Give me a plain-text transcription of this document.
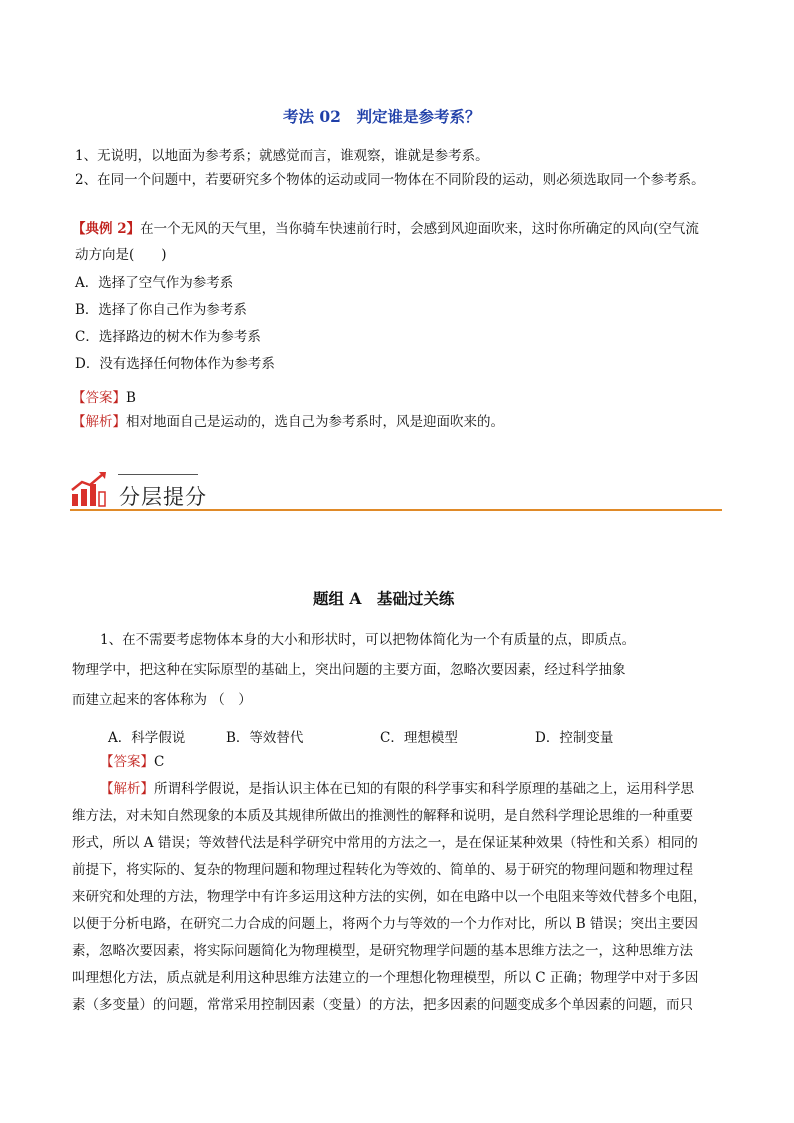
考法 02　判定谁是参考系？
1、无说明，以地面为参考系；就感觉而言，谁观察，谁就是参考系。
2、在同一个问题中，若要研究多个物体的运动或同一物体在不同阶段的运动，则必须选取同一个参考系。
【典例 2】在一个无风的天气里，当你骑车快速前行时，会感到风迎面吹来，这时你所确定的风向(空气流
动方向是(　　)
A．选择了空气作为参考系
B．选择了你自己作为参考系
C．选择路边的树木作为参考系
D．没有选择任何物体作为参考系
【答案】B
【解析】相对地面自己是运动的，选自己为参考系时，风是迎面吹来的。
分层提分
题组 A　基础过关练
1、在不需要考虑物体本身的大小和形状时，可以把物体简化为一个有质量的点，即质点。
物理学中，把这种在实际原型的基础上，突出问题的主要方面，忽略次要因素，经过科学抽象
而建立起来的客体称为 （　）
A．科学假说	B．等效替代	C．理想模型	D．控制变量
【答案】C
【解析】所谓科学假说，是指认识主体在已知的有限的科学事实和科学原理的基础之上，运用科学思
维方法，对未知自然现象的本质及其规律所做出的推测性的解释和说明，是自然科学理论思维的一种重要
形式，所以 A 错误；等效替代法是科学研究中常用的方法之一，是在保证某种效果（特性和关系）相同的
前提下，将实际的、复杂的物理问题和物理过程转化为等效的、简单的、易于研究的物理问题和物理过程
来研究和处理的方法，物理学中有许多运用这种方法的实例，如在电路中以一个电阻来等效代替多个电阻，
以便于分析电路，在研究二力合成的问题上，将两个力与等效的一个力作对比，所以 B 错误；突出主要因
素，忽略次要因素，将实际问题简化为物理模型，是研究物理学问题的基本思维方法之一，这种思维方法
叫理想化方法，质点就是利用这种思维方法建立的一个理想化物理模型，所以 C 正确；物理学中对于多因
素（多变量）的问题，常常采用控制因素（变量）的方法，把多因素的问题变成多个单因素的问题，而只
